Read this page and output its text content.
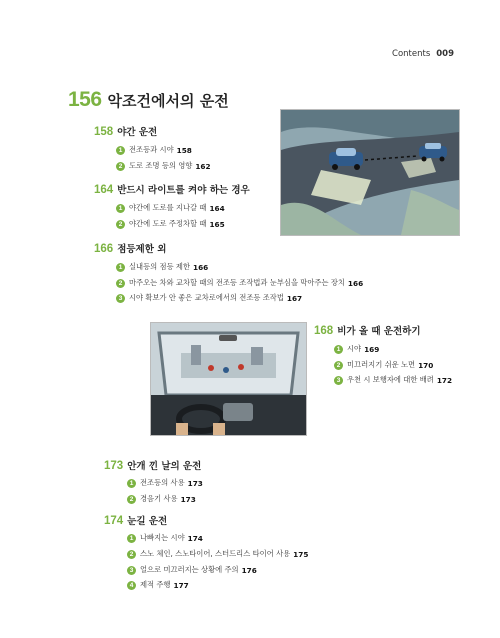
Contents 009
156 악조건에서의 운전
158 야간 운전
1 전조등과 시야 158
2 도로 조명 등의 영향 162
164 반드시 라이트를 켜야 하는 경우
1 야간에 도로를 지나갈 때 164
2 야간에 도로 주정차할 때 165
166 점등제한 외
1 실내등의 점등 제한 166
2 마주오는 차와 교차할 때의 전조등 조작법과 눈부심을 막아주는 장치 166
3 시야 확보가 안 좋은 교차로에서의 전조등 조작법 167
168 비가 올 때 운전하기
1 시야 169
2 미끄러지기 쉬운 노면 170
3 우천 시 보행자에 대한 배려 172
173 안개 낀 날의 운전
1 전조등의 사용 173
2 경음기 사용 173
174 눈길 운전
1 나빠지는 시야 174
2 스노 체인, 스노타이어, 스터드리스 타이어 사용 175
3 얼으로 미끄러지는 상황에 주의 176
4 제적 주행 177
